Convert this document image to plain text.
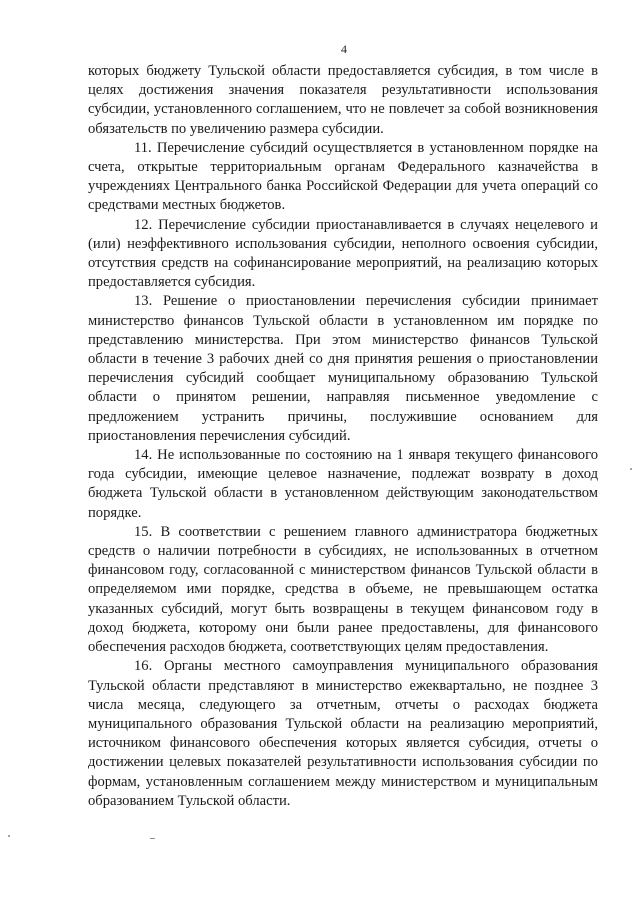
4

которых бюджету Тульской области предоставляется субсидия, в том числе в целях достижения значения показателя результативности использования субсидии, установленного соглашением, что не повлечет за собой возникновения обязательств по увеличению размера субсидии.

11. Перечисление субсидий осуществляется в установленном порядке на счета, открытые территориальным органам Федерального казначейства в учреждениях Центрального банка Российской Федерации для учета операций со средствами местных бюджетов.

12. Перечисление субсидии приостанавливается в случаях нецелевого и (или) неэффективного использования субсидии, неполного освоения субсидии, отсутствия средств на софинансирование мероприятий, на реализацию которых предоставляется субсидия.

13. Решение о приостановлении перечисления субсидии принимает министерство финансов Тульской области в установленном им порядке по представлению министерства. При этом министерство финансов Тульской области в течение 3 рабочих дней со дня принятия решения о приостановлении перечисления субсидий сообщает муниципальному образованию Тульской области о принятом решении, направляя письменное уведомление с предложением устранить причины, послужившие основанием для приостановления перечисления субсидий.

14. Не использованные по состоянию на 1 января текущего финансового года субсидии, имеющие целевое назначение, подлежат возврату в доход бюджета Тульской области в установленном действующим законодательством порядке.

15. В соответствии с решением главного администратора бюджетных средств о наличии потребности в субсидиях, не использованных в отчетном финансовом году, согласованной с министерством финансов Тульской области в определяемом ими порядке, средства в объеме, не превышающем остатка указанных субсидий, могут быть возвращены в текущем финансовом году в доход бюджета, которому они были ранее предоставлены, для финансового обеспечения расходов бюджета, соответствующих целям предоставления.

16. Органы местного самоуправления муниципального образования Тульской области представляют в министерство ежеквартально, не позднее 3 числа месяца, следующего за отчетным, отчеты о расходах бюджета муниципального образования Тульской области на реализацию мероприятий, источником финансового обеспечения которых является субсидия, отчеты о достижении целевых показателей результативности использования субсидии по формам, установленным соглашением между министерством и муниципальным образованием Тульской области.
